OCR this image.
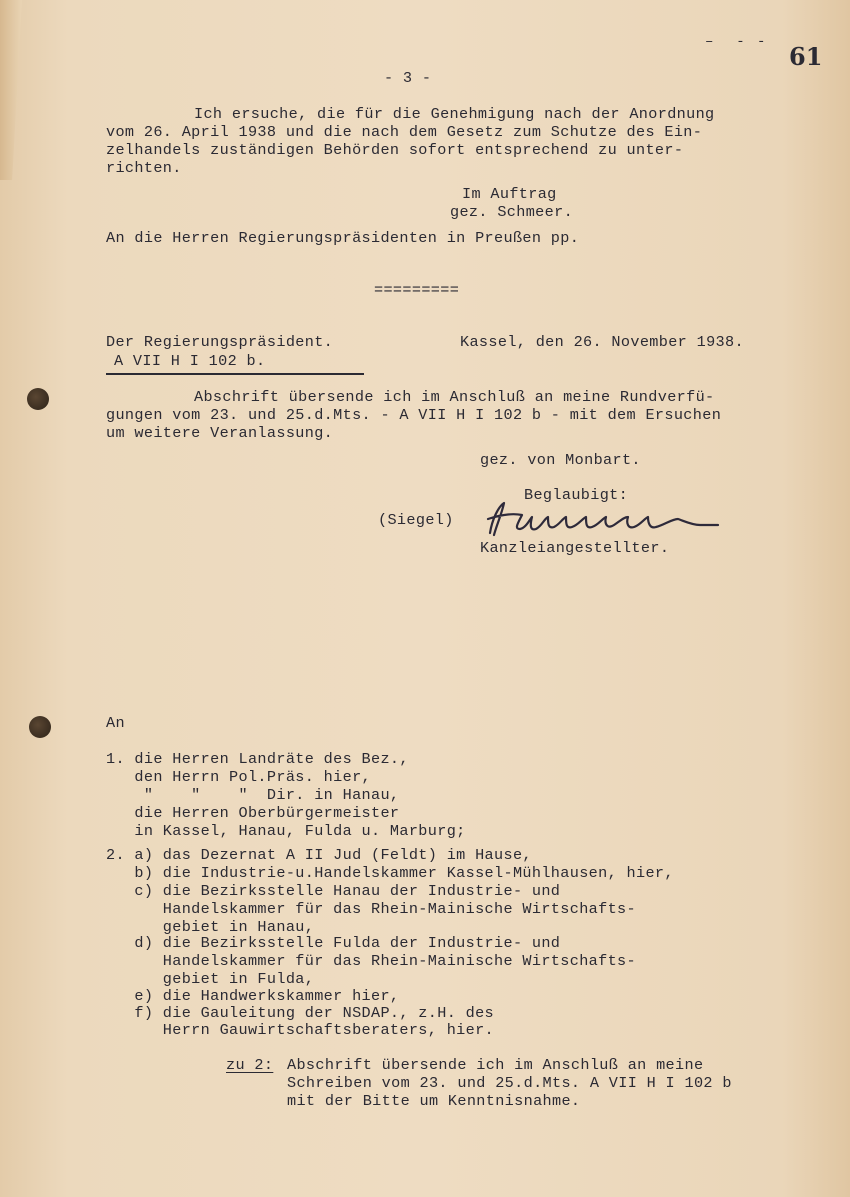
–  - - 61
- 3 -
Ich ersuche, die für die Genehmigung nach der Anordnung
vom 26. April 1938 und die nach dem Gesetz zum Schutze des Ein-
zelhandels zuständigen Behörden sofort entsprechend zu unter-
richten.
Im Auftrag
gez. Schmeer.
An die Herren Regierungspräsidenten in Preußen pp.
=========
Der Regierungspräsident.	Kassel, den 26. November 1938.
A VII H I 102 b.
Abschrift übersende ich im Anschluß an meine Rundverfü-
gungen vom 23. und 25.d.Mts. - A VII H I 102 b - mit dem Ersuchen
um weitere Veranlassung.
gez. von Monbart.
Beglaubigt:
(Siegel)
Kanzleiangestellter.
An
1. die Herren Landräte des Bez.,
den Herrn Pol.Präs. hier,
"    "    "  Dir. in Hanau,
die Herren Oberbürgermeister
in Kassel, Hanau, Fulda u. Marburg;
2. a) das Dezernat A II Jud (Feldt) im Hause,
b) die Industrie-u.Handelskammer Kassel-Mühlhausen, hier,
c) die Bezirksstelle Hanau der Industrie- und
Handelskammer für das Rhein-Mainische Wirtschafts-
gebiet in Hanau,
d) die Bezirksstelle Fulda der Industrie- und
Handelskammer für das Rhein-Mainische Wirtschafts-
gebiet in Fulda,
e) die Handwerkskammer hier,
f) die Gauleitung der NSDAP., z.H. des
Herrn Gauwirtschaftsberaters, hier.
zu 2: Abschrift übersende ich im Anschluß an meine
Schreiben vom 23. und 25.d.Mts. A VII H I 102 b
mit der Bitte um Kenntnisnahme.
